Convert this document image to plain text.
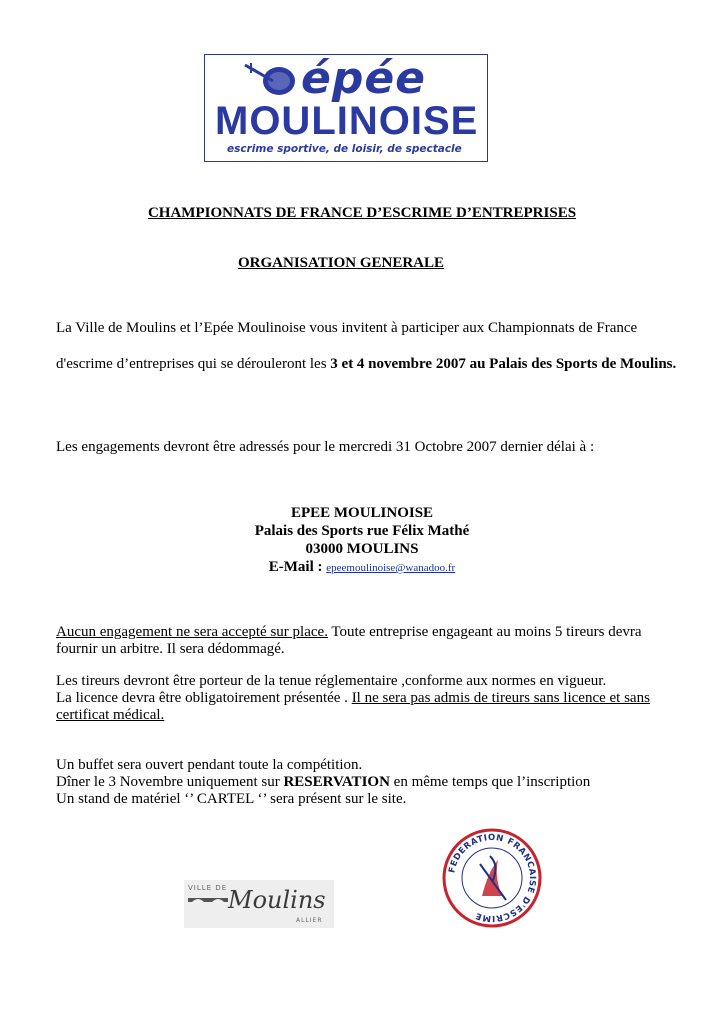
épée
MOULINOISE
escrime sportive, de loisir, de spectacle
CHAMPIONNATS DE FRANCE D’ESCRIME D’ENTREPRISES
ORGANISATION GENERALE
La Ville de Moulins et l’Epée Moulinoise vous invitent à participer aux Championnats de France
d'escrime d’entreprises qui se dérouleront les 3 et 4 novembre 2007 au Palais des Sports de Moulins.
Les engagements devront être adressés pour le mercredi 31 Octobre 2007 dernier délai à :
EPEE MOULINOISE
Palais des Sports rue Félix Mathé
03000 MOULINS
E-Mail : epeemoulinoise@wanadoo.fr
Aucun engagement ne sera accepté sur place. Toute entreprise engageant au moins 5 tireurs devra fournir un arbitre. Il sera dédommagé.
Les tireurs devront être porteur de la tenue réglementaire ,conforme aux normes en vigueur.
La licence devra être obligatoirement présentée . Il ne sera pas admis de tireurs sans licence et sans certificat médical.
Un buffet sera ouvert pendant toute la compétition.
Dîner le 3 Novembre uniquement sur RESERVATION en même temps que l’inscription
Un stand de matériel ‘’ CARTEL ‘’ sera présent sur le site.
VILLE DE Moulins
ALLIER
FEDERATION FRANCAISE D'ESCRIME
